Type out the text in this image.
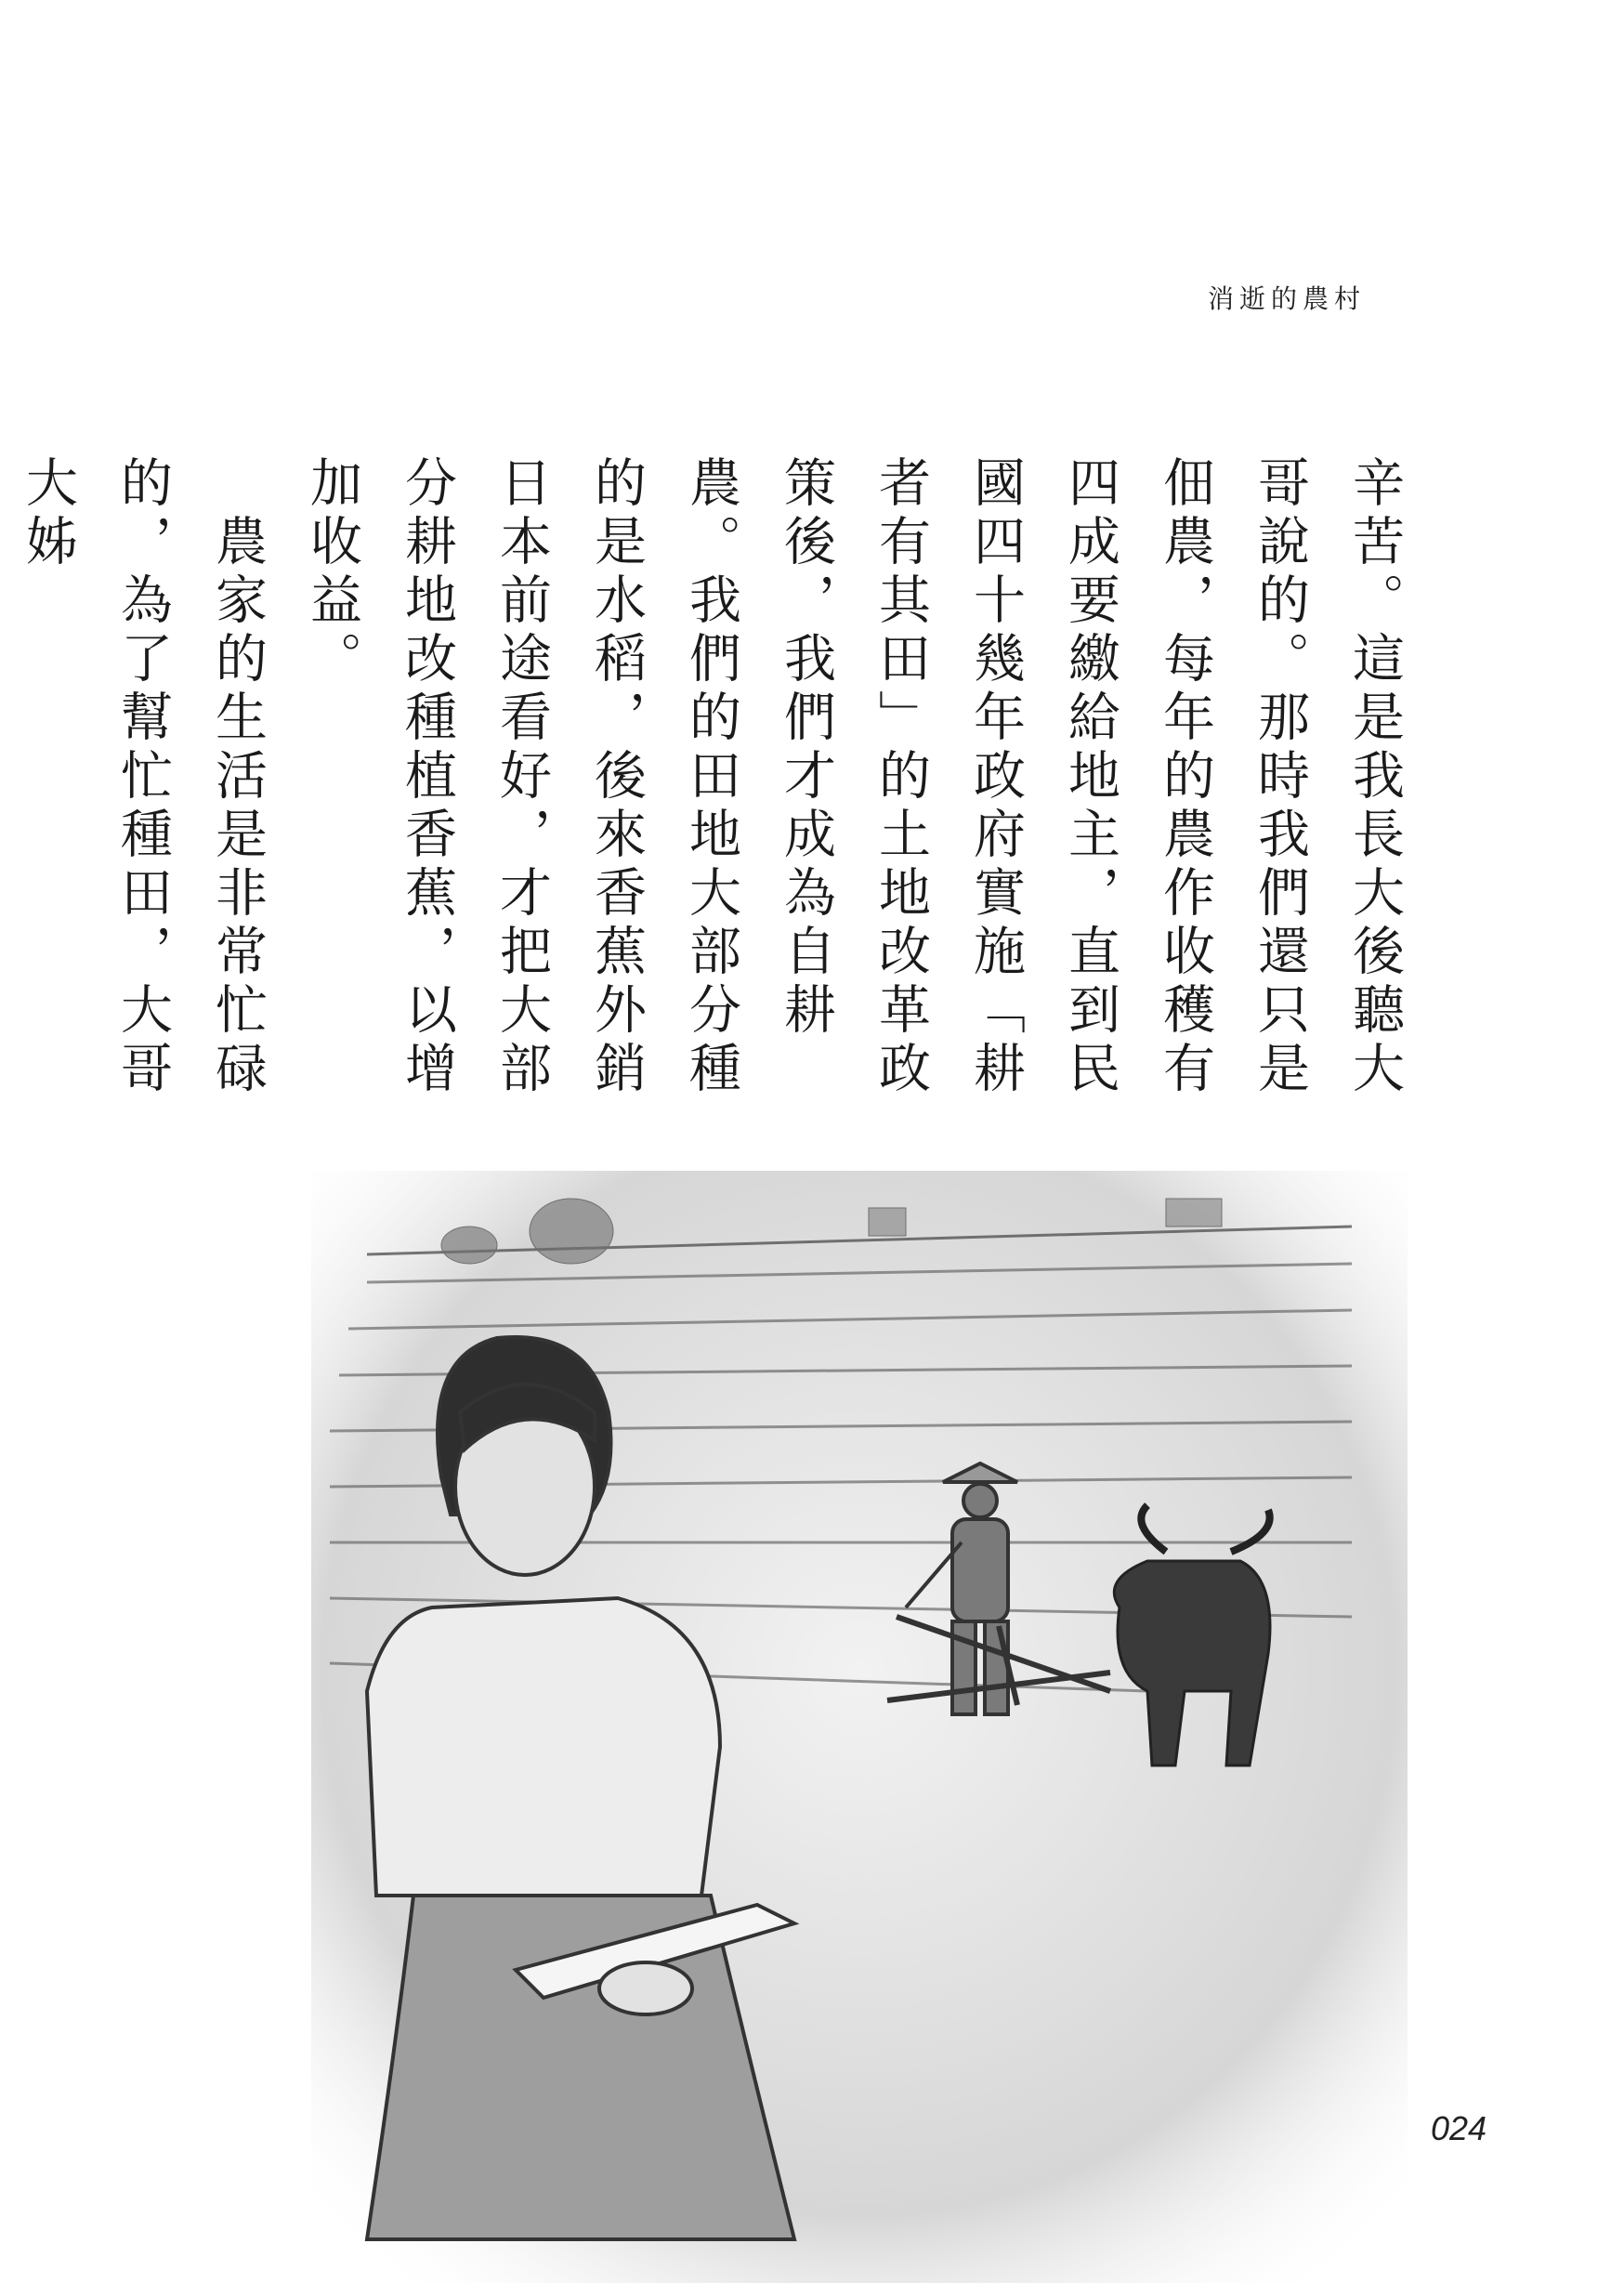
消逝的農村

辛苦。這是我長大後聽大哥說的。那時我們還只是佃農，每年的農作收穫有四成要繳給地主，直到民國四十幾年政府實施「耕者有其田」的土地改革政策後，我們才成為自耕農。我們的田地大部分種的是水稻，後來香蕉外銷日本前途看好，才把大部分耕地改種植香蕉，以增加收益。

　農家的生活是非常忙碌的，為了幫忙種田，大哥大姊

024
